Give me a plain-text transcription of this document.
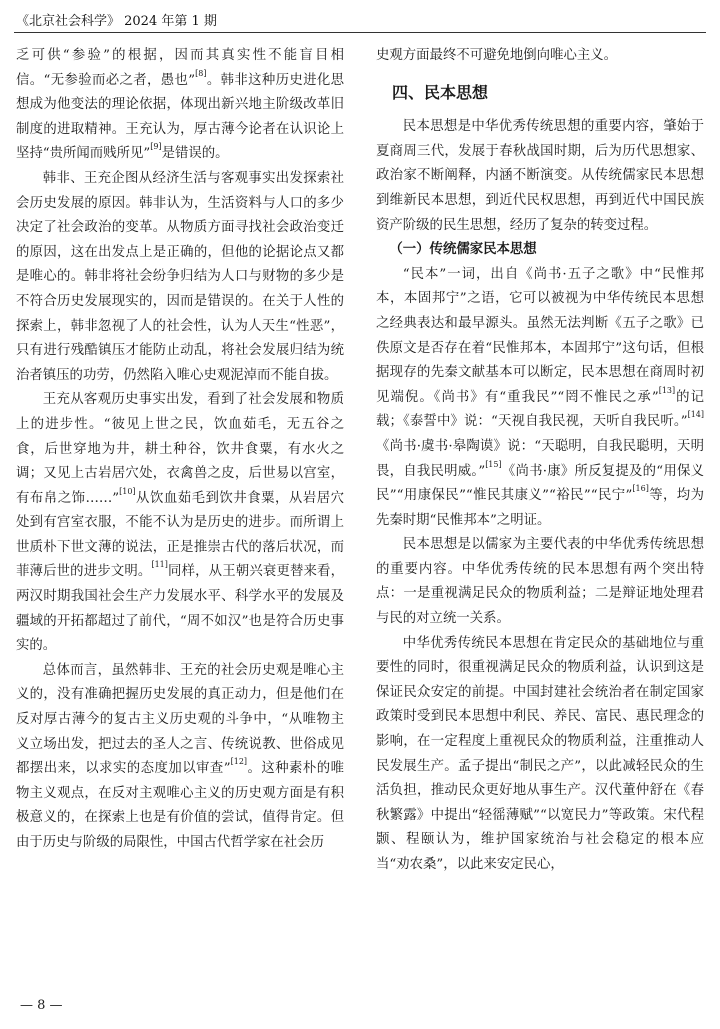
《北京社会科学》 2024 年第 1 期

乏可供“参验”的根据，因而其真实性不能盲目相信。“无参验而必之者，愚也”[8]。韩非这种历史进化思想成为他变法的理论依据，体现出新兴地主阶级改革旧制度的进取精神。王充认为，厚古薄今论者在认识论上坚持“贵所闻而贱所见”[9]是错误的。

韩非、王充企图从经济生活与客观事实出发探索社会历史发展的原因。韩非认为，生活资料与人口的多少决定了社会政治的变革。从物质方面寻找社会政治变迁的原因，这在出发点上是正确的，但他的论据论点又都是唯心的。韩非将社会纷争归结为人口与财物的多少是不符合历史发展现实的，因而是错误的。在关于人性的探索上，韩非忽视了人的社会性，认为人天生“性恶”，只有进行残酷镇压才能防止动乱，将社会发展归结为统治者镇压的功劳，仍然陷入唯心史观泥淖而不能自拔。

王充从客观历史事实出发，看到了社会发展和物质上的进步性。“彼见上世之民，饮血茹毛，无五谷之食，后世穿地为井，耕土种谷，饮井食粟，有水火之调；又见上古岩居穴处，衣禽兽之皮，后世易以宫室，有布帛之饰……”[10]从饮血茹毛到饮井食粟，从岩居穴处到有宫室衣服，不能不认为是历史的进步。而所谓上世质朴下世文薄的说法，正是推崇古代的落后状况，而菲薄后世的进步文明。[11]同样，从王朝兴衰更替来看，两汉时期我国社会生产力发展水平、科学水平的发展及疆域的开拓都超过了前代，“周不如汉”也是符合历史事实的。

总体而言，虽然韩非、王充的社会历史观是唯心主义的，没有准确把握历史发展的真正动力，但是他们在反对厚古薄今的复古主义历史观的斗争中，“从唯物主义立场出发，把过去的圣人之言、传统说教、世俗成见都摆出来，以求实的态度加以审查”[12]。这种素朴的唯物主义观点，在反对主观唯心主义的历史观方面是有积极意义的，在探索上也是有价值的尝试，值得肯定。但由于历史与阶级的局限性，中国古代哲学家在社会历

史观方面最终不可避免地倒向唯心主义。

四、民本思想

民本思想是中华优秀传统思想的重要内容，肇始于夏商周三代，发展于春秋战国时期，后为历代思想家、政治家不断阐释，内涵不断演变。从传统儒家民本思想到维新民本思想，到近代民权思想，再到近代中国民族资产阶级的民生思想，经历了复杂的转变过程。

（一）传统儒家民本思想

“民本”一词，出自《尚书·五子之歌》中“民惟邦本，本固邦宁”之语，它可以被视为中华传统民本思想之经典表达和最早源头。虽然无法判断《五子之歌》已佚原文是否存在着“民惟邦本，本固邦宁”这句话，但根据现存的先秦文献基本可以断定，民本思想在商周时初见端倪。《尚书》有“重我民”“罔不惟民之承”[13]的记载；《泰誓中》说：“天视自我民视，天听自我民听。”[14]《尚书·虞书·皋陶谟》说：“天聪明，自我民聪明，天明畏，自我民明威。”[15]《尚书·康》所反复提及的“用保义民”“用康保民”“惟民其康义”“裕民”“民宁”[16]等，均为先秦时期“民惟邦本”之明证。

民本思想是以儒家为主要代表的中华优秀传统思想的重要内容。中华优秀传统的民本思想有两个突出特点：一是重视满足民众的物质利益；二是辩证地处理君与民的对立统一关系。

中华优秀传统民本思想在肯定民众的基础地位与重要性的同时，很重视满足民众的物质利益，认识到这是保证民众安定的前提。中国封建社会统治者在制定国家政策时受到民本思想中利民、养民、富民、惠民理念的影响，在一定程度上重视民众的物质利益，注重推动人民发展生产。孟子提出“制民之产”，以此减轻民众的生活负担，推动民众更好地从事生产。汉代董仲舒在《春秋繁露》中提出“轻徭薄赋”“以宽民力”等政策。宋代程颢、程颐认为，维护国家统治与社会稳定的根本应当“劝农桑”，以此来安定民心，

— 8 —
